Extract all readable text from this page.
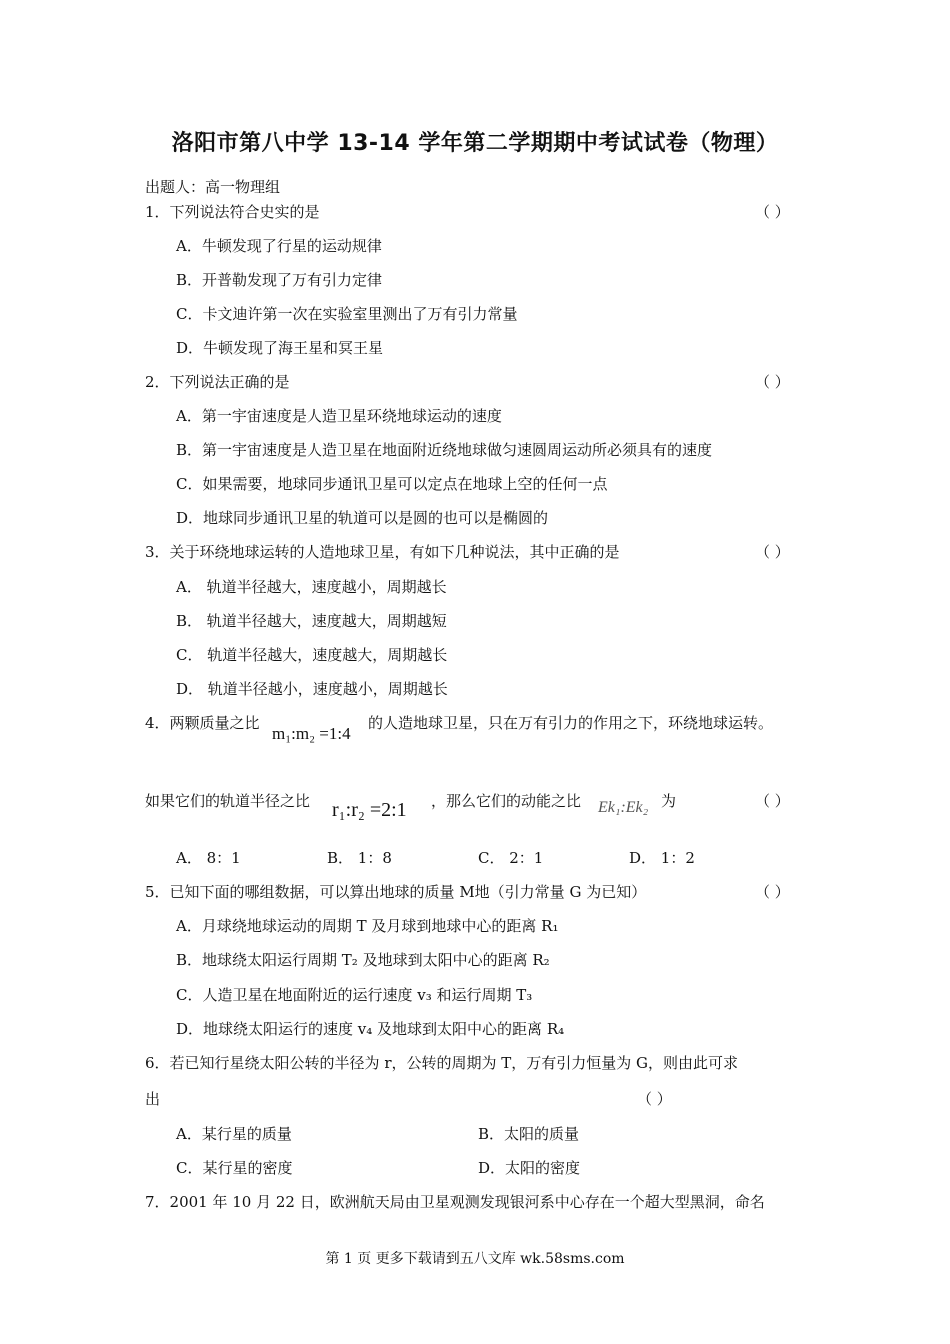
洛阳市第八中学 13-14 学年第二学期期中考试试卷（物理）
出题人：高一物理组
1．下列说法符合史实的是	（ ）
A．牛顿发现了行星的运动规律
B．开普勒发现了万有引力定律
C．卡文迪许第一次在实验室里测出了万有引力常量
D．牛顿发现了海王星和冥王星
2．下列说法正确的是	（ ）
A．第一宇宙速度是人造卫星环绕地球运动的速度
B．第一宇宙速度是人造卫星在地面附近绕地球做匀速圆周运动所必须具有的速度
C．如果需要，地球同步通讯卫星可以定点在地球上空的任何一点
D．地球同步通讯卫星的轨道可以是圆的也可以是椭圆的
3．关于环绕地球运转的人造地球卫星，有如下几种说法，其中正确的是	（ ）
A． 轨道半径越大，速度越小，周期越长
B． 轨道半径越大，速度越大，周期越短
C． 轨道半径越大，速度越大，周期越长
D． 轨道半径越小，速度越小，周期越长
4．两颗质量之比
m₁:m₂ =1:4
的人造地球卫星，只在万有引力的作用之下，环绕地球运转。
如果它们的轨道半径之比 r₁:r₂ =2:1 ，那么它们的动能之比 Ek₁:Ek₂ 为	（ ）
A． 8：1	B． 1：8	C． 2：1	D． 1：2
5．已知下面的哪组数据，可以算出地球的质量 M地（引力常量 G 为已知）	（ ）
A．月球绕地球运动的周期 T 及月球到地球中心的距离 R₁
B．地球绕太阳运行周期 T₂ 及地球到太阳中心的距离 R₂
C．人造卫星在地面附近的运行速度 v₃ 和运行周期 T₃
D．地球绕太阳运行的速度 v₄ 及地球到太阳中心的距离 R₄
6．若已知行星绕太阳公转的半径为 r，公转的周期为 T，万有引力恒量为 G，则由此可求
出	（ ）
A．某行星的质量	B．太阳的质量
C．某行星的密度	D．太阳的密度
7．2001 年 10 月 22 日，欧洲航天局由卫星观测发现银河系中心存在一个超大型黑洞，命名
第 1 页 更多下载请到五八文库 wk.58sms.com
